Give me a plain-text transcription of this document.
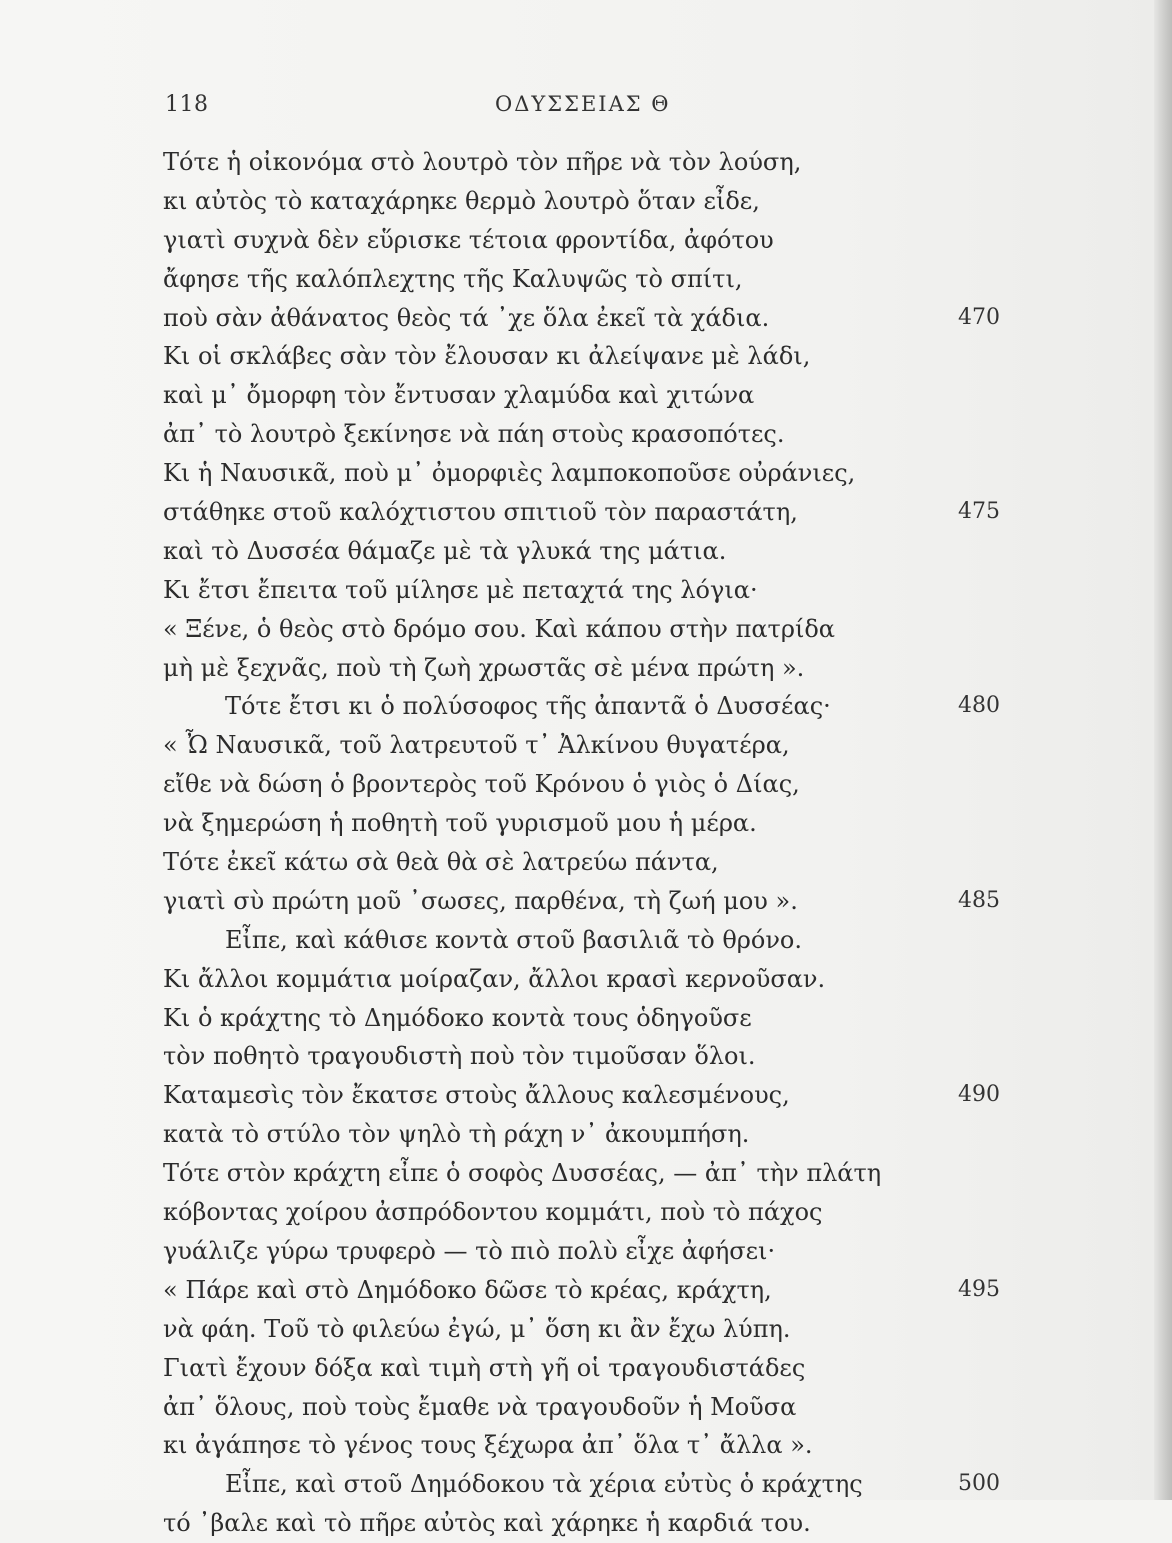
118	ΟΔΥΣΣΕΙΑΣ Θ
Τότε ἡ οἰκονόμα στὸ λουτρὸ τὸν πῆρε νὰ τὸν λούση,
κι αὐτὸς τὸ καταχάρηκε θερμὸ λουτρὸ ὅταν εἶδε,
γιατὶ συχνὰ δὲν εὕρισκε τέτοια φροντίδα, ἀφότου
ἄφησε τῆς καλόπλεχτης τῆς Καλυψῶς τὸ σπίτι,
ποὺ σὰν ἀθάνατος θεὸς τά ᾽χε ὅλα ἐκεῖ τὰ χάδια.	470
Κι οἱ σκλάβες σὰν τὸν ἔλουσαν κι ἀλείψανε μὲ λάδι,
καὶ μ᾽ ὄμορφη τὸν ἔντυσαν χλαμύδα καὶ χιτώνα
ἀπ᾽ τὸ λουτρὸ ξεκίνησε νὰ πάη στοὺς κρασοπότες.
Κι ἡ Ναυσικᾶ, ποὺ μ᾽ ὀμορφιὲς λαμποκοποῦσε οὐράνιες,
στάθηκε στοῦ καλόχτιστου σπιτιοῦ τὸν παραστάτη,	475
καὶ τὸ Δυσσέα θάμαζε μὲ τὰ γλυκά της μάτια.
Κι ἔτσι ἔπειτα τοῦ μίλησε μὲ πεταχτά της λόγια·
« Ξένε, ὁ θεὸς στὸ δρόμο σου. Καὶ κάπου στὴν πατρίδα
μὴ μὲ ξεχνᾶς, ποὺ τὴ ζωὴ χρωστᾶς σὲ μένα πρώτη ».
Τότε ἔτσι κι ὁ πολύσοφος τῆς ἀπαντᾶ ὁ Δυσσέας·	480
« Ὦ Ναυσικᾶ, τοῦ λατρευτοῦ τ᾽ Ἀλκίνου θυγατέρα,
εἴθε νὰ δώση ὁ βροντερὸς τοῦ Κρόνου ὁ γιὸς ὁ Δίας,
νὰ ξημερώση ἡ ποθητὴ τοῦ γυρισμοῦ μου ἡ μέρα.
Τότε ἐκεῖ κάτω σὰ θεὰ θὰ σὲ λατρεύω πάντα,
γιατὶ σὺ πρώτη μοῦ ᾽σωσες, παρθένα, τὴ ζωή μου ».	485
Εἶπε, καὶ κάθισε κοντὰ στοῦ βασιλιᾶ τὸ θρόνο.
Κι ἄλλοι κομμάτια μοίραζαν, ἄλλοι κρασὶ κερνοῦσαν.
Κι ὁ κράχτης τὸ Δημόδοκο κοντὰ τους ὁδηγοῦσε
τὸν ποθητὸ τραγουδιστὴ ποὺ τὸν τιμοῦσαν ὅλοι.
Καταμεσὶς τὸν ἔκατσε στοὺς ἄλλους καλεσμένους,	490
κατὰ τὸ στύλο τὸν ψηλὸ τὴ ράχη ν᾽ ἀκουμπήση.
Τότε στὸν κράχτη εἶπε ὁ σοφὸς Δυσσέας, — ἀπ᾽ τὴν πλάτη
κόβοντας χοίρου ἀσπρόδοντου κομμάτι, ποὺ τὸ πάχος
γυάλιζε γύρω τρυφερὸ — τὸ πιὸ πολὺ εἶχε ἀφήσει·
« Πάρε καὶ στὸ Δημόδοκο δῶσε τὸ κρέας, κράχτη,	495
νὰ φάη. Τοῦ τὸ φιλεύω ἐγώ, μ᾽ ὅση κι ἂν ἔχω λύπη.
Γιατὶ ἔχουν δόξα καὶ τιμὴ στὴ γῆ οἱ τραγουδιστάδες
ἀπ᾽ ὅλους, ποὺ τοὺς ἔμαθε νὰ τραγουδοῦν ἡ Μοῦσα
κι ἀγάπησε τὸ γένος τους ξέχωρα ἀπ᾽ ὅλα τ᾽ ἄλλα ».
Εἶπε, καὶ στοῦ Δημόδοκου τὰ χέρια εὐτὺς ὁ κράχτης	500
τό ᾽βαλε καὶ τὸ πῆρε αὐτὸς καὶ χάρηκε ἡ καρδιά του.
